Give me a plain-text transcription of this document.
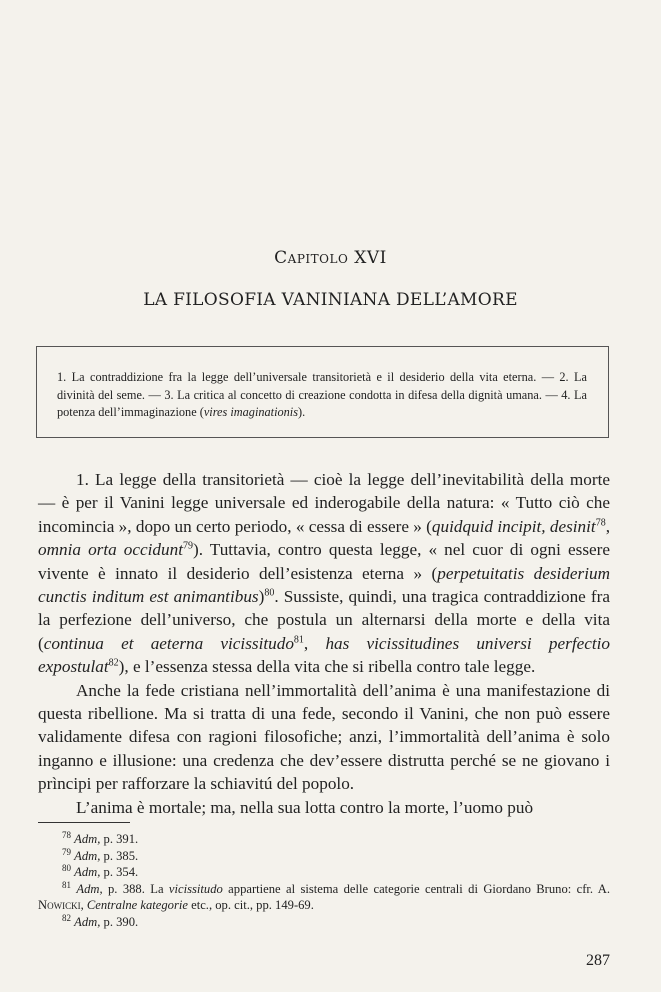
Capitolo XVI
LA FILOSOFIA VANINIANA DELL’AMORE
1. La contraddizione fra la legge dell’universale transitorietà e il desiderio della vita eterna. — 2. La divinità del seme. — 3. La critica al concetto di creazione condotta in difesa della dignità umana. — 4. La potenza dell’immaginazione (vires imaginationis).

1. La legge della transitorietà — cioè la legge dell’inevitabilità della morte — è per il Vanini legge universale ed inderogabile della natura: « Tutto ciò che incomincia », dopo un certo periodo, « cessa di essere » (quidquid incipit, desinit$^{78}$, omnia orta occidunt$^{79}$). Tuttavia, contro questa legge, « nel cuor di ogni essere vivente è innato il desiderio dell’esistenza eterna » (perpetuitatis desiderium cunctis inditum est animantibus)$^{80}$. Sussiste, quindi, una tragica contraddizione fra la perfezione dell’universo, che postula un alternarsi della morte e della vita (continua et aeterna vicissitudo$^{81}$, has vicissitudines universi perfectio expostulat$^{82}$), e l’essenza stessa della vita che si ribella contro tale legge.

Anche la fede cristiana nell’immortalità dell’anima è una manifestazione di questa ribellione. Ma si tratta di una fede, secondo il Vanini, che non può essere validamente difesa con ragioni filosofiche; anzi, l’immortalità dell’anima è solo inganno e illusione: una credenza che dev’essere distrutta perché se ne giovano i prìncipi per rafforzare la schiavitú del popolo.

L’anima è mortale; ma, nella sua lotta contro la morte, l’uomo può

$^{78}$ Adm, p. 391.
$^{79}$ Adm, p. 385.
$^{80}$ Adm, p. 354.
$^{81}$ Adm, p. 388. La vicissitudo appartiene al sistema delle categorie centrali di Giordano Bruno: cfr. A. Nowicki, Centralne kategorie etc., op. cit., pp. 149-69.
$^{82}$ Adm, p. 390.
287
